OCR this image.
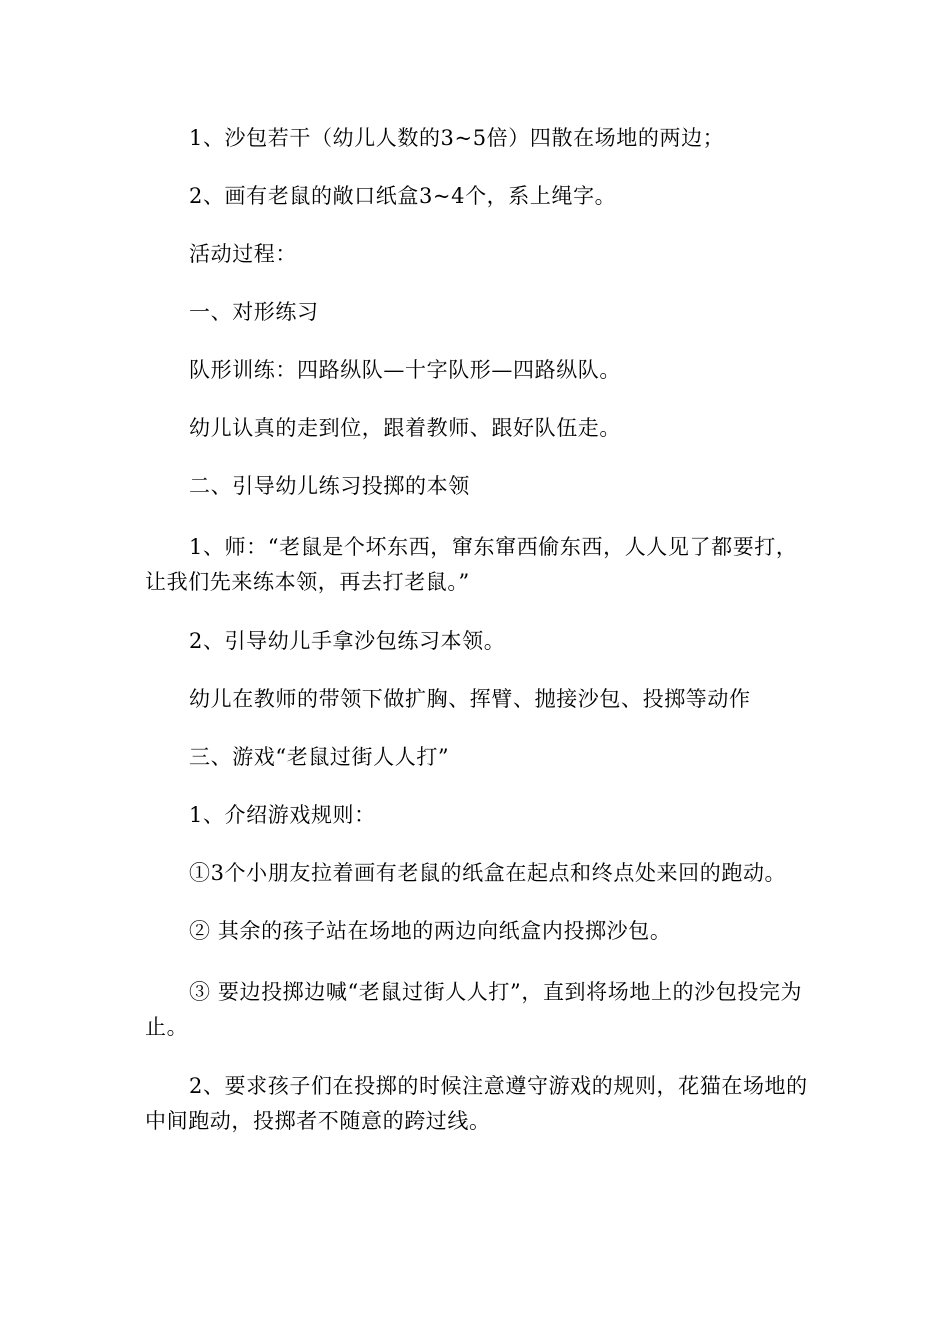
1、沙包若干（幼儿人数的3~5倍）四散在场地的两边；

2、画有老鼠的敞口纸盒3~4个，系上绳字。

活动过程：

一、对形练习

队形训练：四路纵队—十字队形—四路纵队。

幼儿认真的走到位，跟着教师、跟好队伍走。

二、引导幼儿练习投掷的本领

1、师：“老鼠是个坏东西，窜东窜西偷东西，人人见了都要打，让我们先来练本领，再去打老鼠。”

2、引导幼儿手拿沙包练习本领。

幼儿在教师的带领下做扩胸、挥臂、抛接沙包、投掷等动作

三、游戏“老鼠过街人人打”

1、介绍游戏规则：

①3个小朋友拉着画有老鼠的纸盒在起点和终点处来回的跑动。

② 其余的孩子站在场地的两边向纸盒内投掷沙包。

③ 要边投掷边喊“老鼠过街人人打”，直到将场地上的沙包投完为止。

2、要求孩子们在投掷的时候注意遵守游戏的规则，花猫在场地的中间跑动，投掷者不随意的跨过线。
